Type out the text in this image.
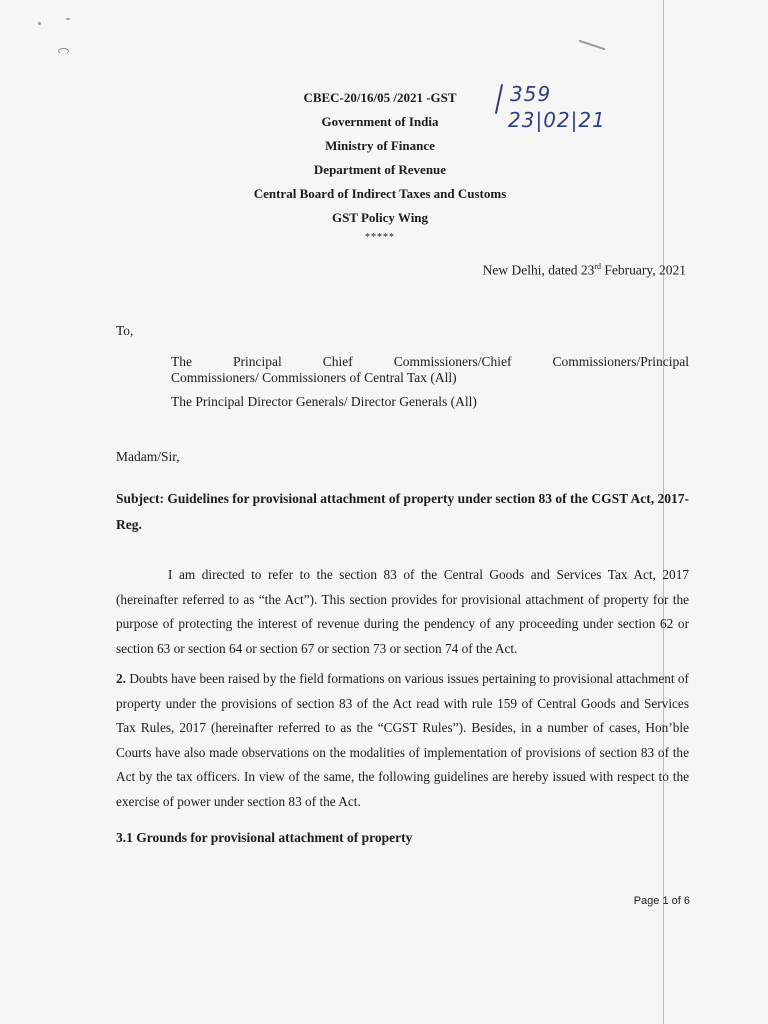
CBEC-20/16/05 /2021 -GST	359
23|02|21
Government of India
Ministry of Finance
Department of Revenue
Central Board of Indirect Taxes and Customs
GST Policy Wing
*****
New Delhi, dated 23rd February, 2021
To,
The	Principal	Chief	Commissioners/Chief	Commissioners/Principal
Commissioners/ Commissioners of Central Tax (All)
The Principal Director Generals/ Director Generals (All)
Madam/Sir,
Subject: Guidelines for provisional attachment of property under section 83 of the CGST Act, 2017-Reg.
I am directed to refer to the section 83 of the Central Goods and Services Tax Act, 2017 (hereinafter referred to as “the Act”). This section provides for provisional attachment of property for the purpose of protecting the interest of revenue during the pendency of any proceeding under section 62 or section 63 or section 64 or section 67 or section 73 or section 74 of the Act.
2. Doubts have been raised by the field formations on various issues pertaining to provisional attachment of property under the provisions of section 83 of the Act read with rule 159 of Central Goods and Services Tax Rules, 2017 (hereinafter referred to as the “CGST Rules”). Besides, in a number of cases, Hon’ble Courts have also made observations on the modalities of implementation of provisions of section 83 of the Act by the tax officers. In view of the same, the following guidelines are hereby issued with respect to the exercise of power under section 83 of the Act.
3.1 Grounds for provisional attachment of property
Page 1 of 6
